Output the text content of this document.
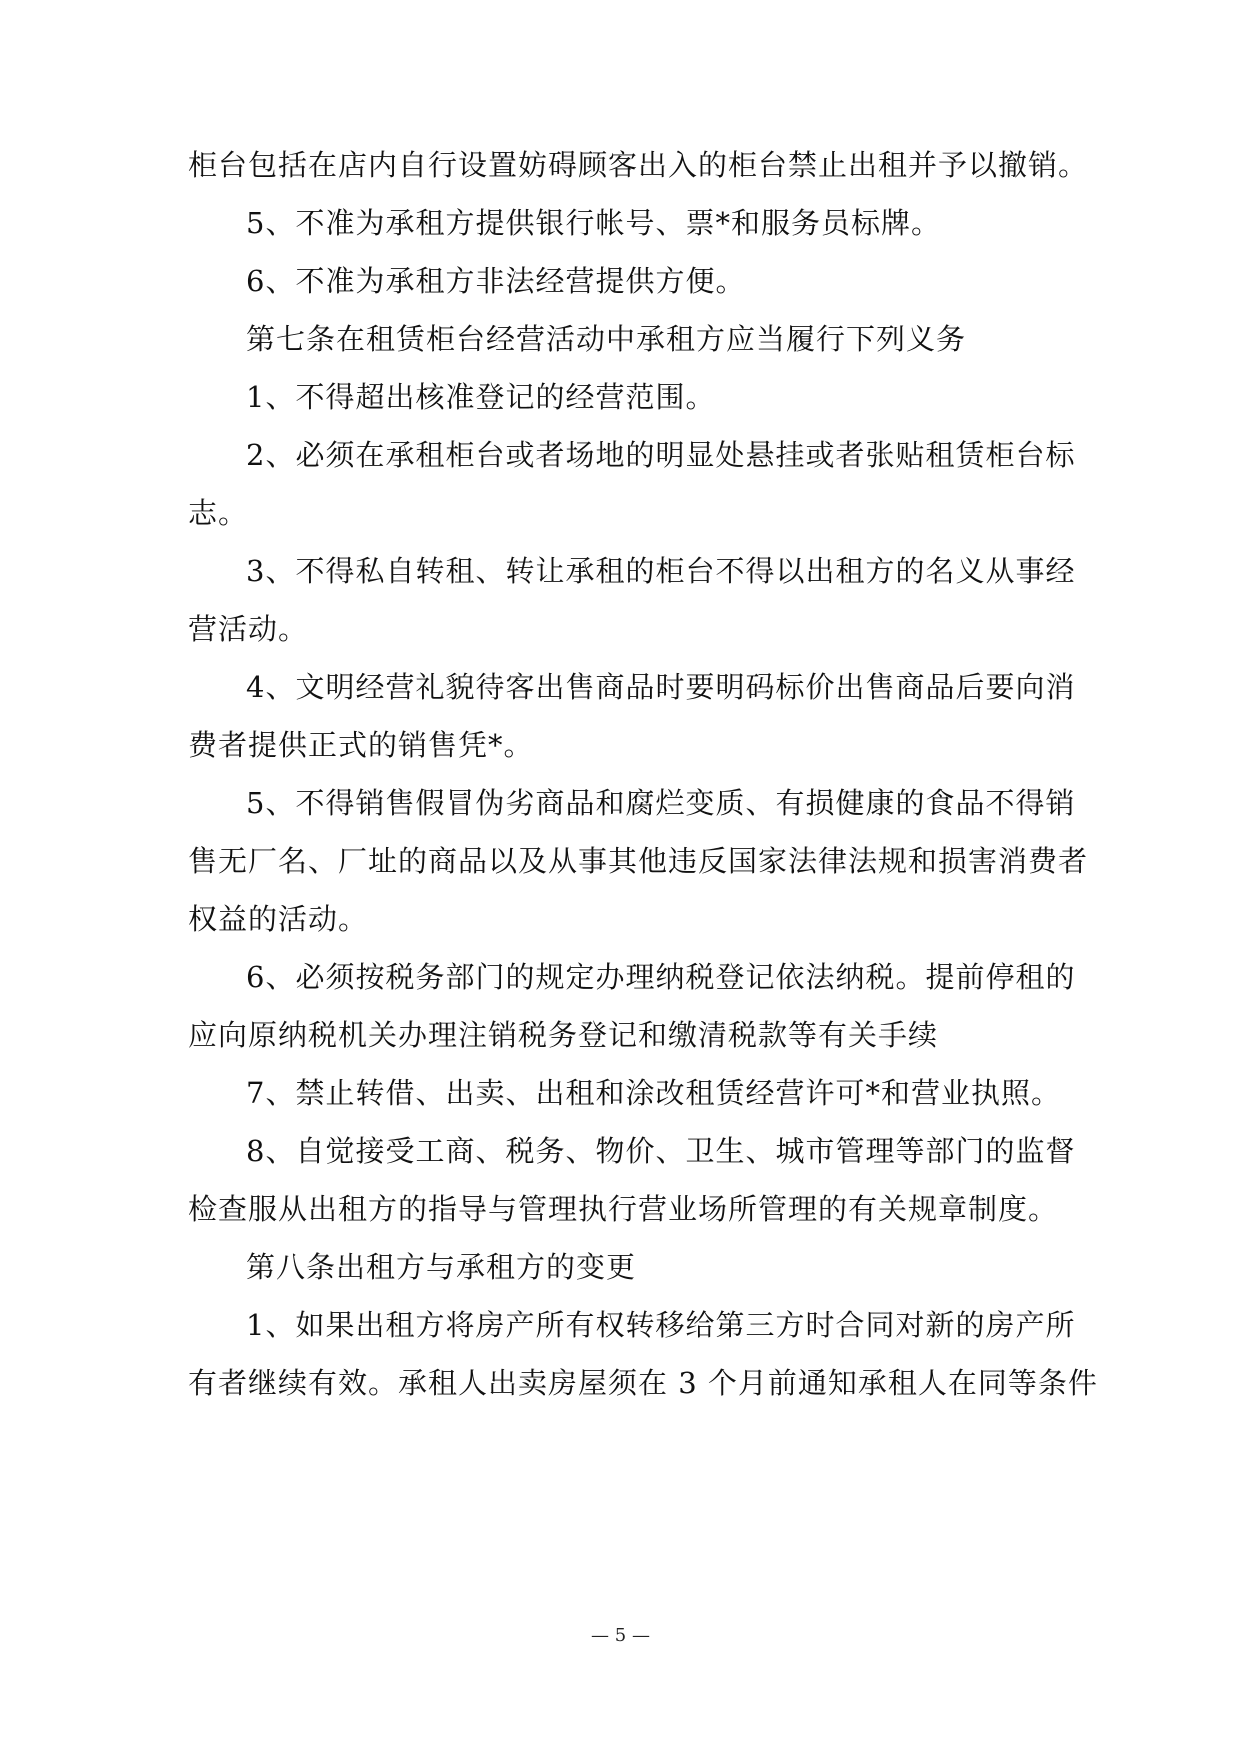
柜台包括在店内自行设置妨碍顾客出入的柜台禁止出租并予以撤销。
5、不准为承租方提供银行帐号、票*和服务员标牌。
6、不准为承租方非法经营提供方便。
第七条在租赁柜台经营活动中承租方应当履行下列义务
1、不得超出核准登记的经营范围。
2、必须在承租柜台或者场地的明显处悬挂或者张贴租赁柜台标
志。
3、不得私自转租、转让承租的柜台不得以出租方的名义从事经
营活动。
4、文明经营礼貌待客出售商品时要明码标价出售商品后要向消
费者提供正式的销售凭*。
5、不得销售假冒伪劣商品和腐烂变质、有损健康的食品不得销
售无厂名、厂址的商品以及从事其他违反国家法律法规和损害消费者
权益的活动。
6、必须按税务部门的规定办理纳税登记依法纳税。提前停租的
应向原纳税机关办理注销税务登记和缴清税款等有关手续
7、禁止转借、出卖、出租和涂改租赁经营许可*和营业执照。
8、自觉接受工商、税务、物价、卫生、城市管理等部门的监督
检查服从出租方的指导与管理执行营业场所管理的有关规章制度。
第八条出租方与承租方的变更
1、如果出租方将房产所有权转移给第三方时合同对新的房产所
有者继续有效。承租人出卖房屋须在 3 个月前通知承租人在同等条件
— 5 —
